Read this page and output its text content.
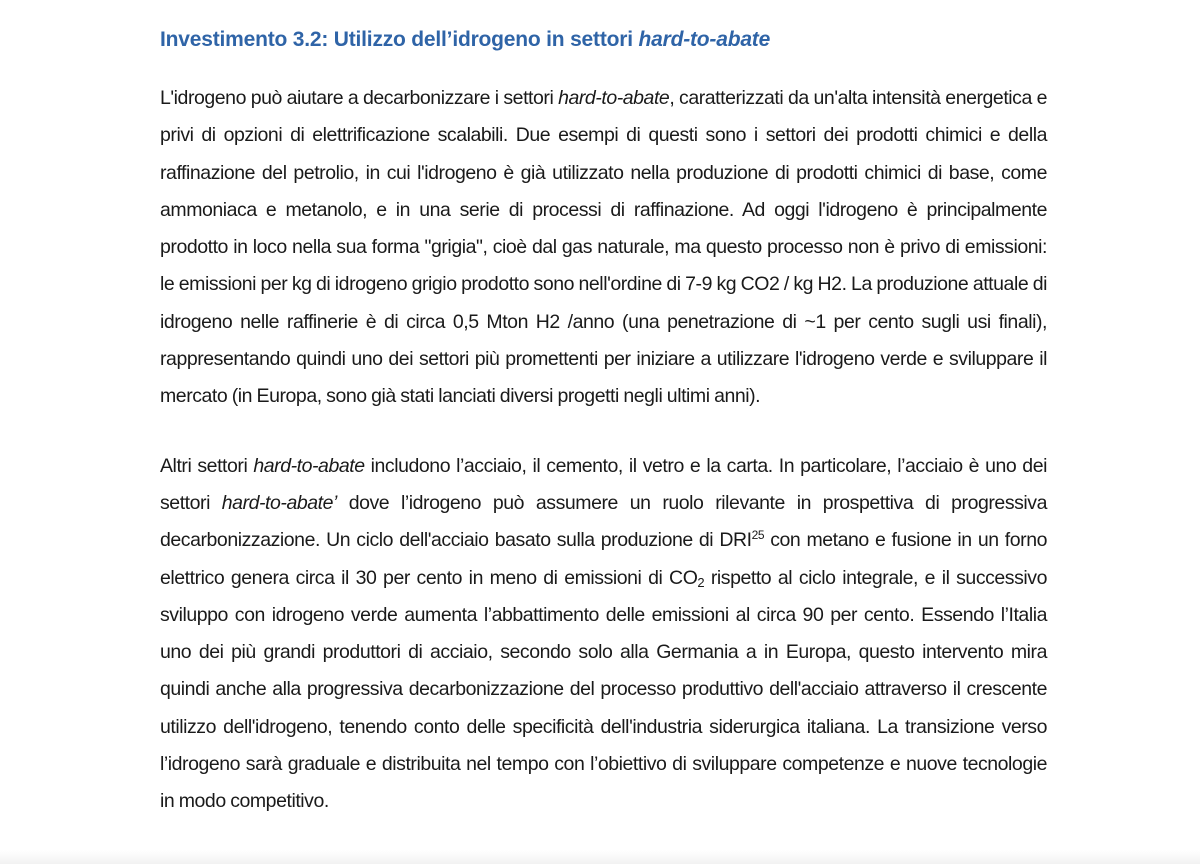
Investimento 3.2: Utilizzo dell’idrogeno in settori hard-to-abate

L'idrogeno può aiutare a decarbonizzare i settori hard-to-abate, caratterizzati da un'alta intensità energetica e privi di opzioni di elettrificazione scalabili. Due esempi di questi sono i settori dei prodotti chimici e della raffinazione del petrolio, in cui l'idrogeno è già utilizzato nella produzione di prodotti chimici di base, come ammoniaca e metanolo, e in una serie di processi di raffinazione. Ad oggi l'idrogeno è principalmente prodotto in loco nella sua forma "grigia", cioè dal gas naturale, ma questo processo non è privo di emissioni: le emissioni per kg di idrogeno grigio prodotto sono nell'ordine di 7-9 kg CO2 / kg H2. La produzione attuale di idrogeno nelle raffinerie è di circa 0,5 Mton H2 /anno (una penetrazione di ~1 per cento sugli usi finali), rappresentando quindi uno dei settori più promettenti per iniziare a utilizzare l'idrogeno verde e sviluppare il mercato (in Europa, sono già stati lanciati diversi progetti negli ultimi anni).

Altri settori hard-to-abate includono l’acciaio, il cemento, il vetro e la carta. In particolare, l’acciaio è uno dei settori hard-to-abate’ dove l’idrogeno può assumere un ruolo rilevante in prospettiva di progressiva decarbonizzazione. Un ciclo dell'acciaio basato sulla produzione di DRI$^{25}$ con metano e fusione in un forno elettrico genera circa il 30 per cento in meno di emissioni di $CO_2$ rispetto al ciclo integrale, e il successivo sviluppo con idrogeno verde aumenta l’abbattimento delle emissioni al circa 90 per cento. Essendo l’Italia uno dei più grandi produttori di acciaio, secondo solo alla Germania a in Europa, questo intervento mira quindi anche alla progressiva decarbonizzazione del processo produttivo dell'acciaio attraverso il crescente utilizzo dell'idrogeno, tenendo conto delle specificità dell'industria siderurgica italiana. La transizione verso l’idrogeno sarà graduale e distribuita nel tempo con l’obiettivo di sviluppare competenze e nuove tecnologie in modo competitivo.
